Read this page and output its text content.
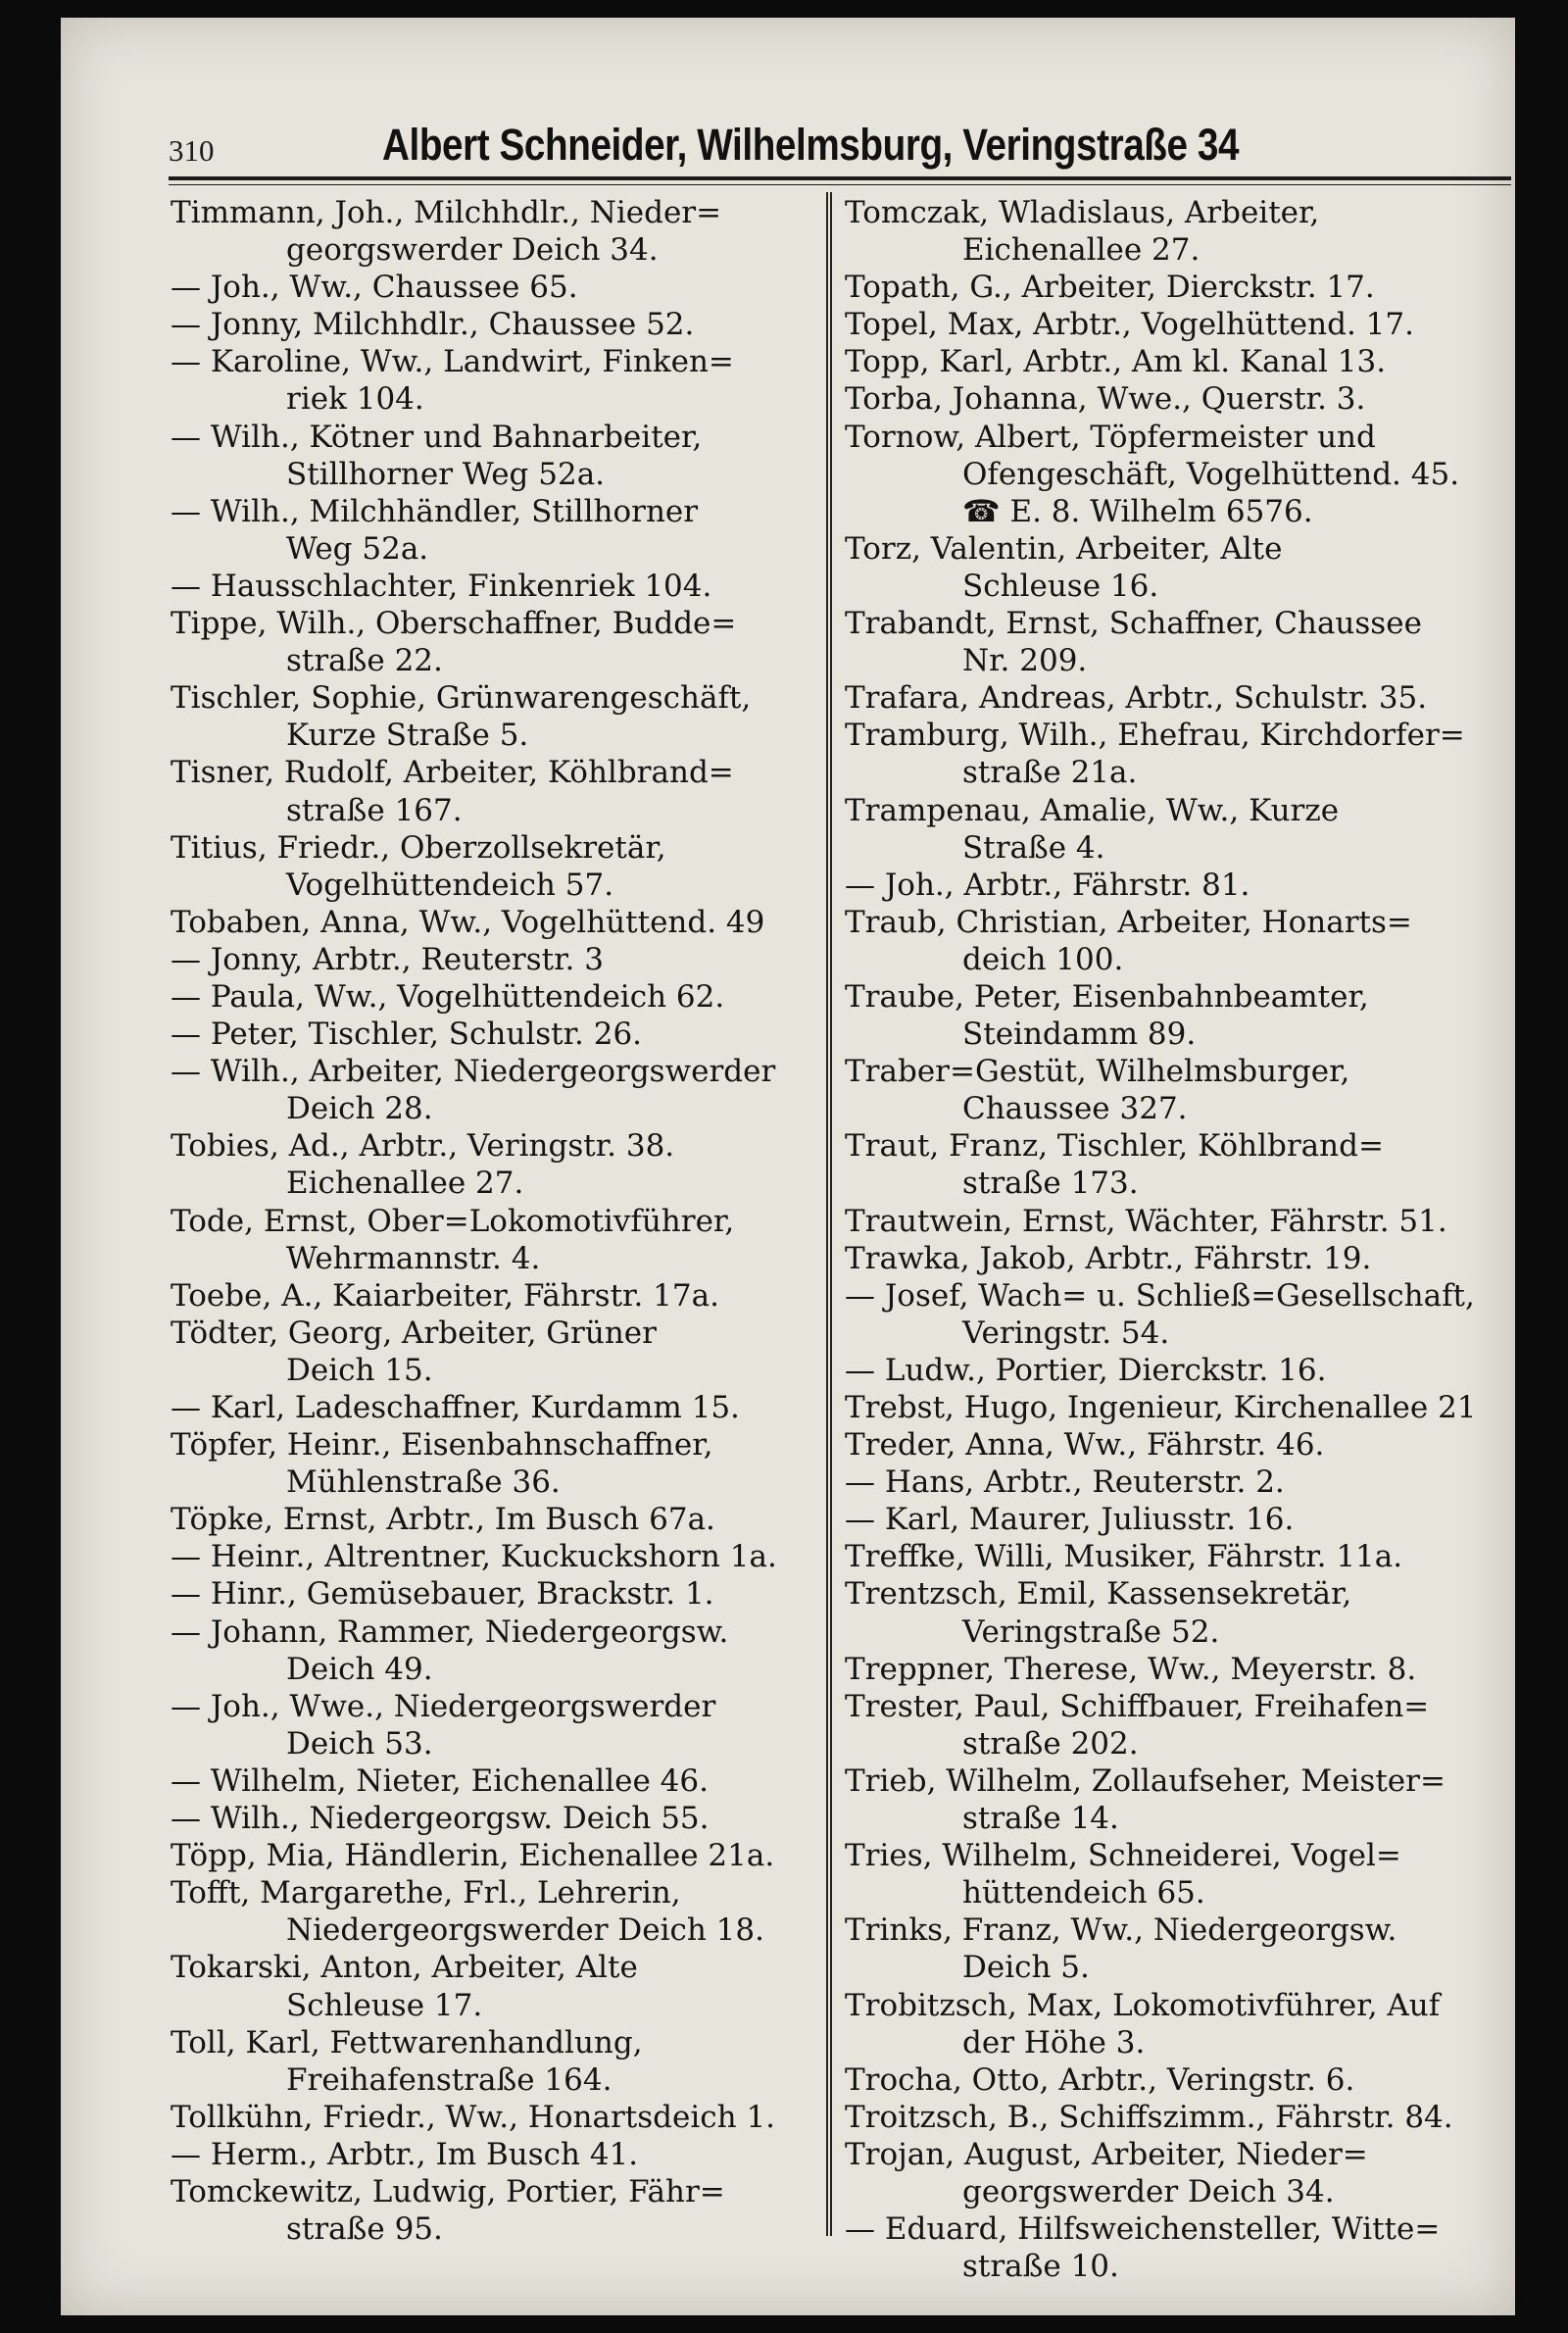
310	Albert Schneider, Wilhelmsburg, Veringstraße 34
Timmann, Joh., Milchhdlr., Nieder=
georgswerder Deich 34.
— Joh., Ww., Chaussee 65.
— Jonny, Milchhdlr., Chaussee 52.
— Karoline, Ww., Landwirt, Finken=
riek 104.
— Wilh., Kötner und Bahnarbeiter,
Stillhorner Weg 52a.
— Wilh., Milchhändler, Stillhorner
Weg 52a.
— Hausschlachter, Finkenriek 104.
Tippe, Wilh., Oberschaffner, Budde=
straße 22.
Tischler, Sophie, Grünwarengeschäft,
Kurze Straße 5.
Tisner, Rudolf, Arbeiter, Köhlbrand=
straße 167.
Titius, Friedr., Oberzollsekretär,
Vogelhüttendeich 57.
Tobaben, Anna, Ww., Vogelhüttend. 49
— Jonny, Arbtr., Reuterstr. 3
— Paula, Ww., Vogelhüttendeich 62.
— Peter, Tischler, Schulstr. 26.
— Wilh., Arbeiter, Niedergeorgswerder
Deich 28.
Tobies, Ad., Arbtr., Veringstr. 38.
Eichenallee 27.
Tode, Ernst, Ober=Lokomotivführer,
Wehrmannstr. 4.
Toebe, A., Kaiarbeiter, Fährstr. 17a.
Tödter, Georg, Arbeiter, Grüner
Deich 15.
— Karl, Ladeschaffner, Kurdamm 15.
Töpfer, Heinr., Eisenbahnschaffner,
Mühlenstraße 36.
Töpke, Ernst, Arbtr., Im Busch 67a.
— Heinr., Altrentner, Kuckuckshorn 1a.
— Hinr., Gemüsebauer, Brackstr. 1.
— Johann, Rammer, Niedergeorgsw.
Deich 49.
— Joh., Wwe., Niedergeorgswerder
Deich 53.
— Wilhelm, Nieter, Eichenallee 46.
— Wilh., Niedergeorgsw. Deich 55.
Töpp, Mia, Händlerin, Eichenallee 21a.
Tofft, Margarethe, Frl., Lehrerin,
Niedergeorgswerder Deich 18.
Tokarski, Anton, Arbeiter, Alte
Schleuse 17.
Toll, Karl, Fettwarenhandlung,
Freihafenstraße 164.
Tollkühn, Friedr., Ww., Honartsdeich 1.
— Herm., Arbtr., Im Busch 41.
Tomckewitz, Ludwig, Portier, Fähr=
straße 95.
Tomczak, Wladislaus, Arbeiter,
Eichenallee 27.
Topath, G., Arbeiter, Dierckstr. 17.
Topel, Max, Arbtr., Vogelhüttend. 17.
Topp, Karl, Arbtr., Am kl. Kanal 13.
Torba, Johanna, Wwe., Querstr. 3.
Tornow, Albert, Töpfermeister und
Ofengeschäft, Vogelhüttend. 45.
☎ E. 8. Wilhelm 6576.
Torz, Valentin, Arbeiter, Alte
Schleuse 16.
Trabandt, Ernst, Schaffner, Chaussee
Nr. 209.
Trafara, Andreas, Arbtr., Schulstr. 35.
Tramburg, Wilh., Ehefrau, Kirchdorfer=
straße 21a.
Trampenau, Amalie, Ww., Kurze
Straße 4.
— Joh., Arbtr., Fährstr. 81.
Traub, Christian, Arbeiter, Honarts=
deich 100.
Traube, Peter, Eisenbahnbeamter,
Steindamm 89.
Traber=Gestüt, Wilhelmsburger,
Chaussee 327.
Traut, Franz, Tischler, Köhlbrand=
straße 173.
Trautwein, Ernst, Wächter, Fährstr. 51.
Trawka, Jakob, Arbtr., Fährstr. 19.
— Josef, Wach= u. Schließ=Gesellschaft,
Veringstr. 54.
— Ludw., Portier, Dierckstr. 16.
Trebst, Hugo, Ingenieur, Kirchenallee 21
Treder, Anna, Ww., Fährstr. 46.
— Hans, Arbtr., Reuterstr. 2.
— Karl, Maurer, Juliusstr. 16.
Treffke, Willi, Musiker, Fährstr. 11a.
Trentzsch, Emil, Kassensekretär,
Veringstraße 52.
Treppner, Therese, Ww., Meyerstr. 8.
Trester, Paul, Schiffbauer, Freihafen=
straße 202.
Trieb, Wilhelm, Zollaufseher, Meister=
straße 14.
Tries, Wilhelm, Schneiderei, Vogel=
hüttendeich 65.
Trinks, Franz, Ww., Niedergeorgsw.
Deich 5.
Trobitzsch, Max, Lokomotivführer, Auf
der Höhe 3.
Trocha, Otto, Arbtr., Veringstr. 6.
Troitzsch, B., Schiffszimm., Fährstr. 84.
Trojan, August, Arbeiter, Nieder=
georgswerder Deich 34.
— Eduard, Hilfsweichensteller, Witte=
straße 10.
